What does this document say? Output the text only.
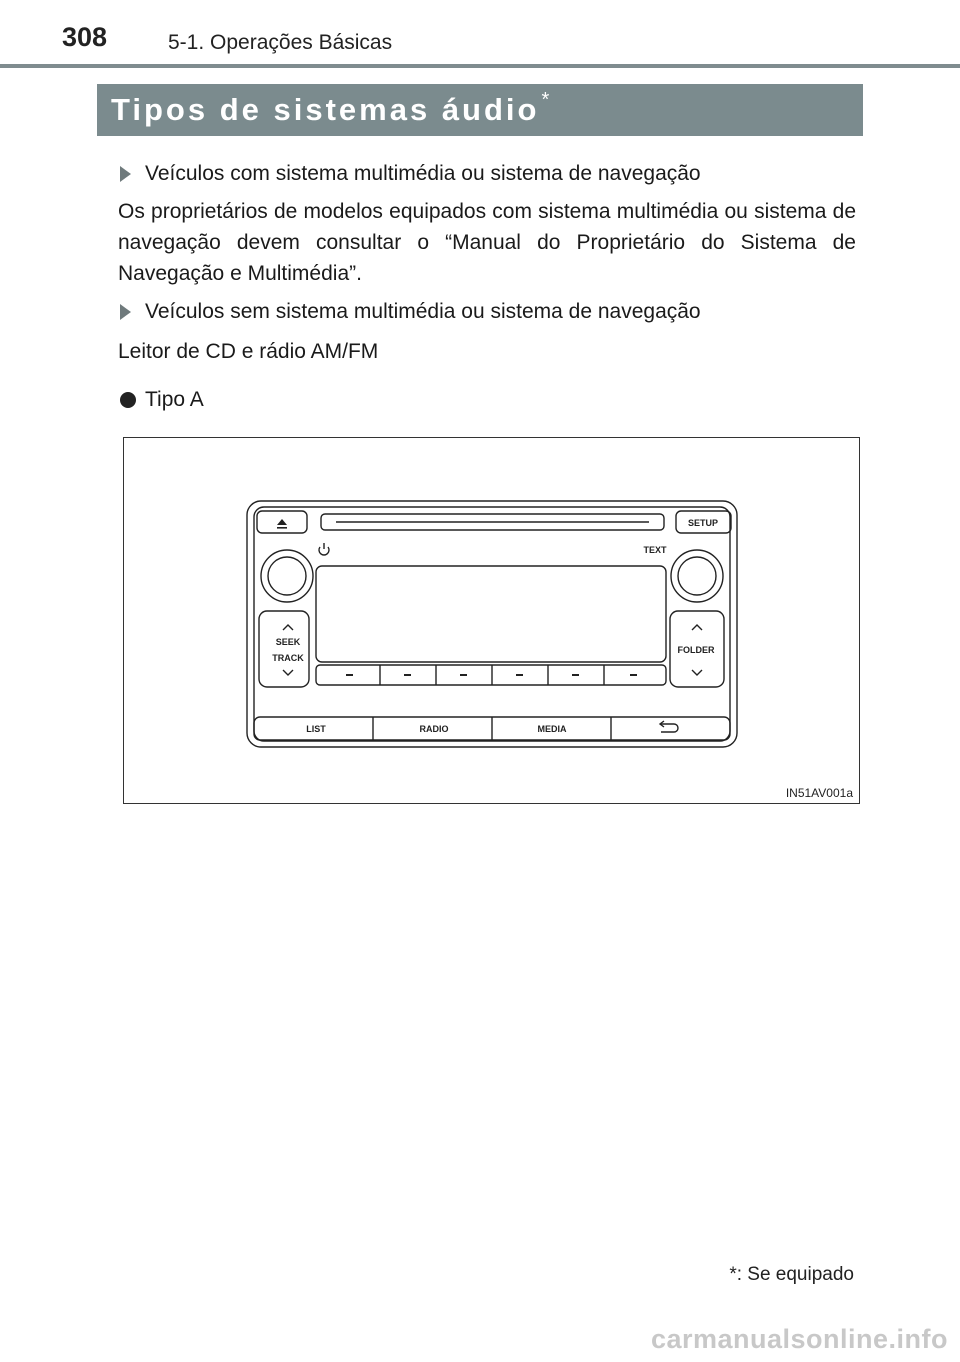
308	5-1. Operações Básicas
Tipos de sistemas áudio *
Veículos com sistema multimédia ou sistema de navegação
Os proprietários de modelos equipados com sistema multimédia ou sistema de navegação devem consultar o “Manual do Proprietário do Sistema de Navegação e Multimédia”.
Veículos sem sistema multimédia ou sistema de navegação
Leitor de CD e rádio AM/FM
Tipo A
SETUP
TEXT
SEEK
TRACK
FOLDER
LIST	RADIO	MEDIA
IN51AV001a
*: Se equipado
carmanualsonline.info
